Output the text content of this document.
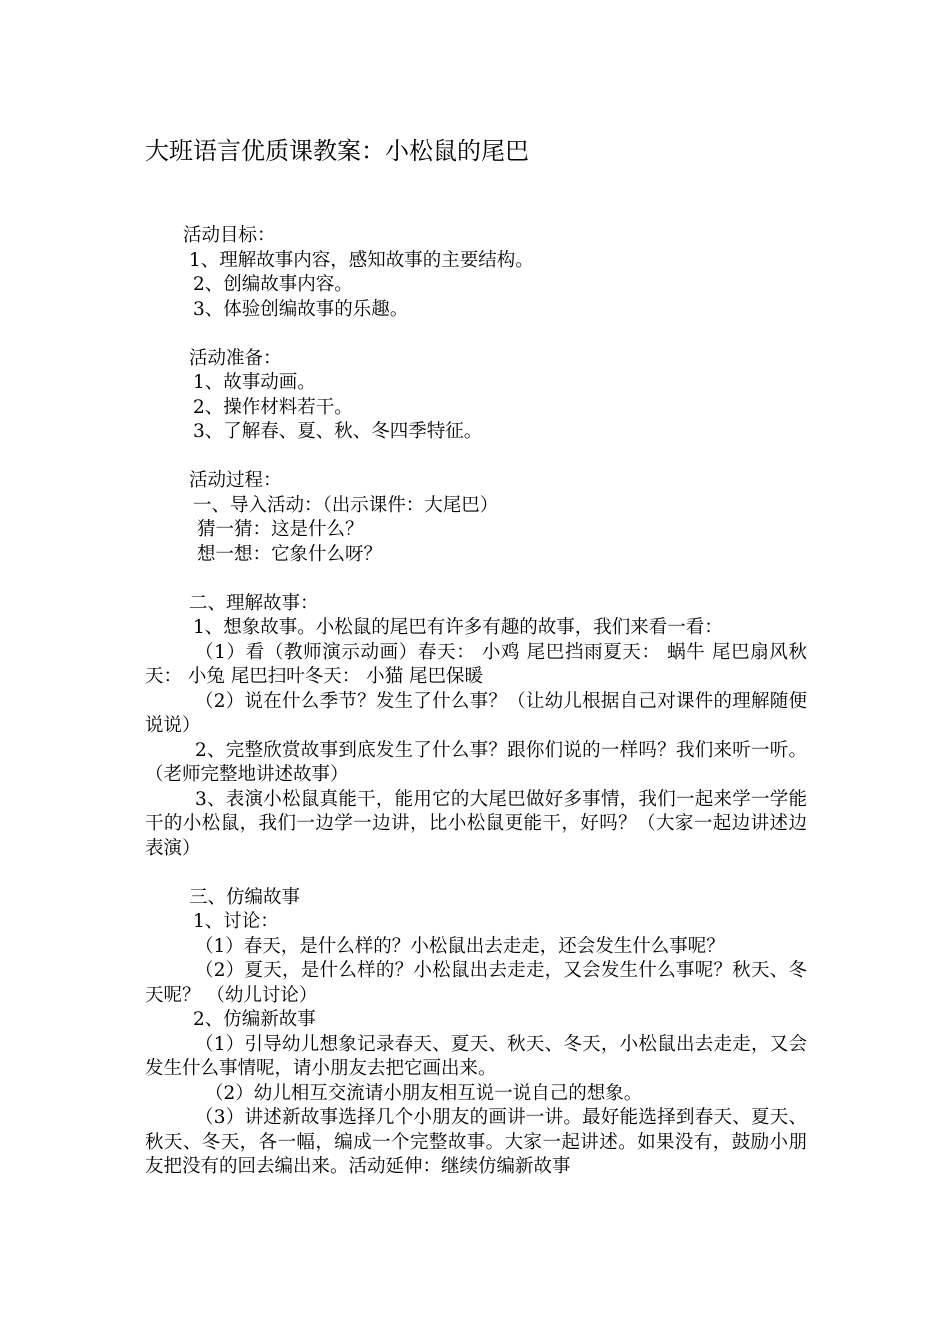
大班语言优质课教案：小松鼠的尾巴
活动目标：
1、理解故事内容，感知故事的主要结构。
2、创编故事内容。
3、体验创编故事的乐趣。
活动准备：
1、故事动画。
2、操作材料若干。
3、了解春、夏、秋、冬四季特征。
活动过程：
一、导入活动：（出示课件：大尾巴）
猜一猜：这是什么？
想一想：它象什么呀？
二、理解故事：
1、想象故事。小松鼠的尾巴有许多有趣的故事，我们来看一看：
（1）看（教师演示动画）春天： 小鸡 尾巴挡雨夏天： 蜗牛 尾巴扇风秋天： 小兔 尾巴扫叶冬天： 小猫 尾巴保暖
（2）说在什么季节？发生了什么事？（让幼儿根据自己对课件的理解随便说说）
2、完整欣赏故事到底发生了什么事？跟你们说的一样吗？我们来听一听。（老师完整地讲述故事）
3、表演小松鼠真能干，能用它的大尾巴做好多事情，我们一起来学一学能干的小松鼠，我们一边学一边讲，比小松鼠更能干，好吗？（大家一起边讲述边表演）
三、仿编故事
1、讨论：
（1）春天，是什么样的？小松鼠出去走走，还会发生什么事呢？
（2）夏天，是什么样的？小松鼠出去走走，又会发生什么事呢？秋天、冬天呢？ （幼儿讨论）
2、仿编新故事
（1）引导幼儿想象记录春天、夏天、秋天、冬天，小松鼠出去走走，又会发生什么事情呢，请小朋友去把它画出来。
（2）幼儿相互交流请小朋友相互说一说自己的想象。
（3）讲述新故事选择几个小朋友的画讲一讲。最好能选择到春天、夏天、秋天、冬天，各一幅，编成一个完整故事。大家一起讲述。如果没有，鼓励小朋友把没有的回去编出来。活动延伸：继续仿编新故事
